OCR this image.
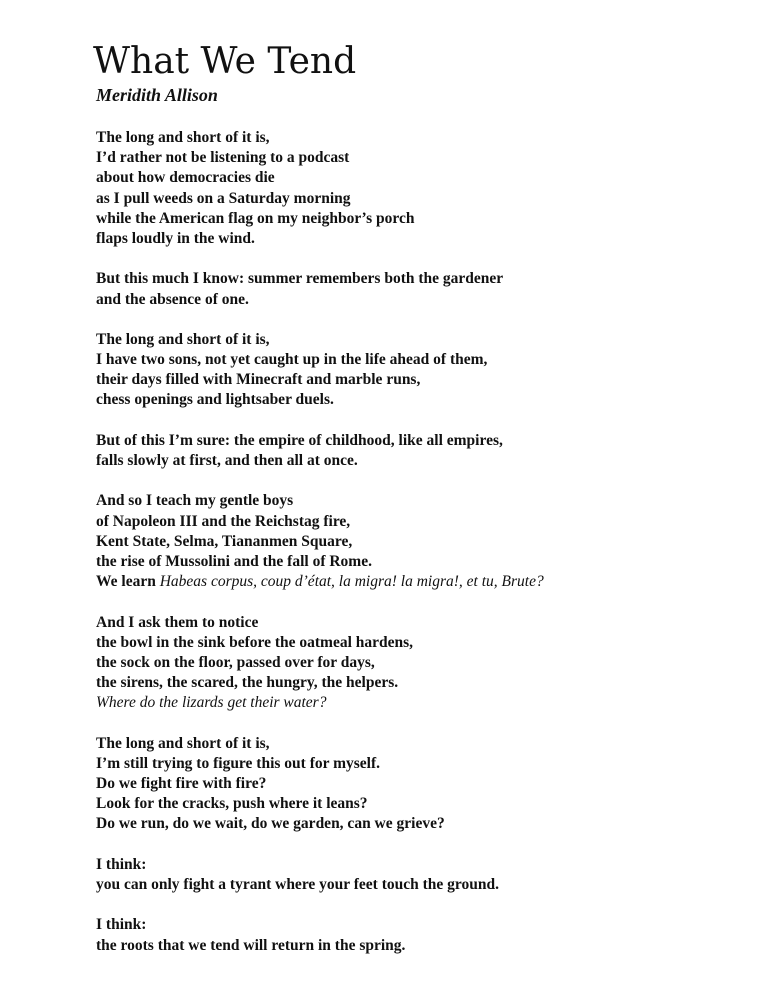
What We Tend
Meridith Allison
The long and short of it is,
I’d rather not be listening to a podcast
about how democracies die
as I pull weeds on a Saturday morning
while the American flag on my neighbor’s porch
flaps loudly in the wind.
But this much I know: summer remembers both the gardener
and the absence of one.
The long and short of it is,
I have two sons, not yet caught up in the life ahead of them,
their days filled with Minecraft and marble runs,
chess openings and lightsaber duels.
But of this I’m sure: the empire of childhood, like all empires,
falls slowly at first, and then all at once.
And so I teach my gentle boys
of Napoleon III and the Reichstag fire,
Kent State, Selma, Tiananmen Square,
the rise of Mussolini and the fall of Rome.
We learn Habeas corpus, coup d’état, la migra! la migra!, et tu, Brute?
And I ask them to notice
the bowl in the sink before the oatmeal hardens,
the sock on the floor, passed over for days,
the sirens, the scared, the hungry, the helpers.
Where do the lizards get their water?
The long and short of it is,
I’m still trying to figure this out for myself.
Do we fight fire with fire?
Look for the cracks, push where it leans?
Do we run, do we wait, do we garden, can we grieve?
I think:
you can only fight a tyrant where your feet touch the ground.
I think:
the roots that we tend will return in the spring.
